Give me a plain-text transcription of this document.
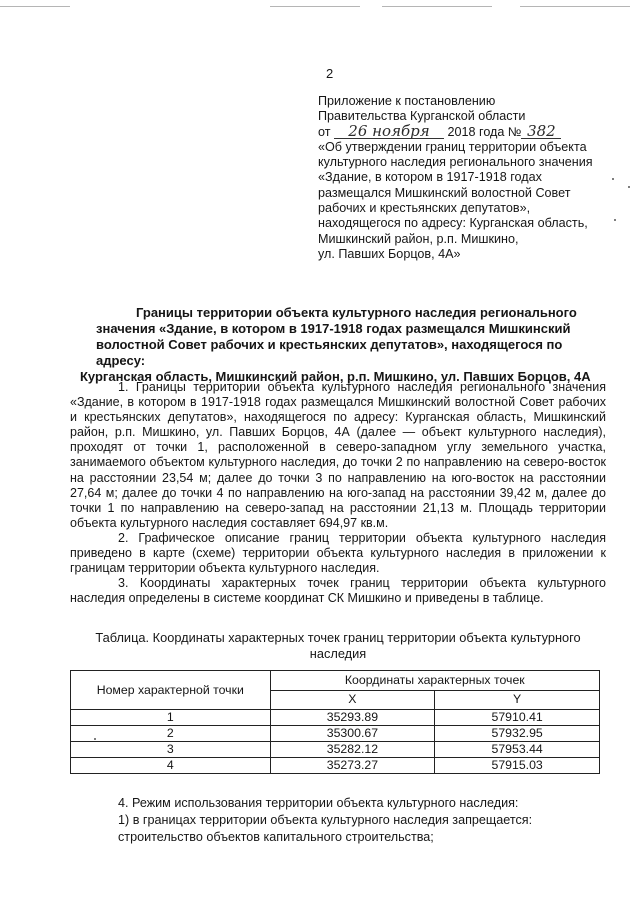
2
Приложение к постановлению
Правительства Курганской области
от 26 ноября 2018 года № 382
«Об утверждении границ территории объекта
культурного наследия регионального значения
«Здание, в котором в 1917-1918 годах
размещался Мишкинский волостной Совет
рабочих и крестьянских депутатов»,
находящегося по адресу: Курганская область,
Мишкинский район, р.п. Мишкино,
ул. Павших Борцов, 4А»
Границы территории объекта культурного наследия регионального
значения «Здание, в котором в 1917-1918 годах размещался Мишкинский
волостной Совет рабочих и крестьянских депутатов», находящегося по адресу:
Курганская область, Мишкинский район, р.п. Мишкино, ул. Павших Борцов, 4А
1. Границы территории объекта культурного наследия регионального значения «Здание, в котором в 1917-1918 годах размещался Мишкинский волостной Совет рабочих и крестьянских депутатов», находящегося по адресу: Курганская область, Мишкинский район, р.п. Мишкино, ул. Павших Борцов, 4А (далее — объект культурного наследия), проходят от точки 1, расположенной в северо-западном углу земельного участка, занимаемого объектом культурного наследия, до точки 2 по направлению на северо-восток на расстоянии 23,54 м; далее до точки 3 по направлению на юго-восток на расстоянии 27,64 м; далее до точки 4 по направлению на юго-запад на расстоянии 39,42 м, далее до точки 1 по направлению на северо-запад на расстоянии 21,13 м. Площадь территории объекта культурного наследия составляет 694,97 кв.м.
2. Графическое описание границ территории объекта культурного наследия приведено в карте (схеме) территории объекта культурного наследия в приложении к границам территории объекта культурного наследия.
3. Координаты характерных точек границ территории объекта культурного наследия определены в системе координат СК Мишкино и приведены в таблице.
Таблица. Координаты характерных точек границ территории объекта культурного наследия
Номер характерной точки	Координаты характерных точек	
	X	Y
1	35293.89	57910.41
2	35300.67	57932.95
3	35282.12	57953.44
4	35273.27	57915.03
4. Режим использования территории объекта культурного наследия:
1) в границах территории объекта культурного наследия запрещается:
строительство объектов капитального строительства;
